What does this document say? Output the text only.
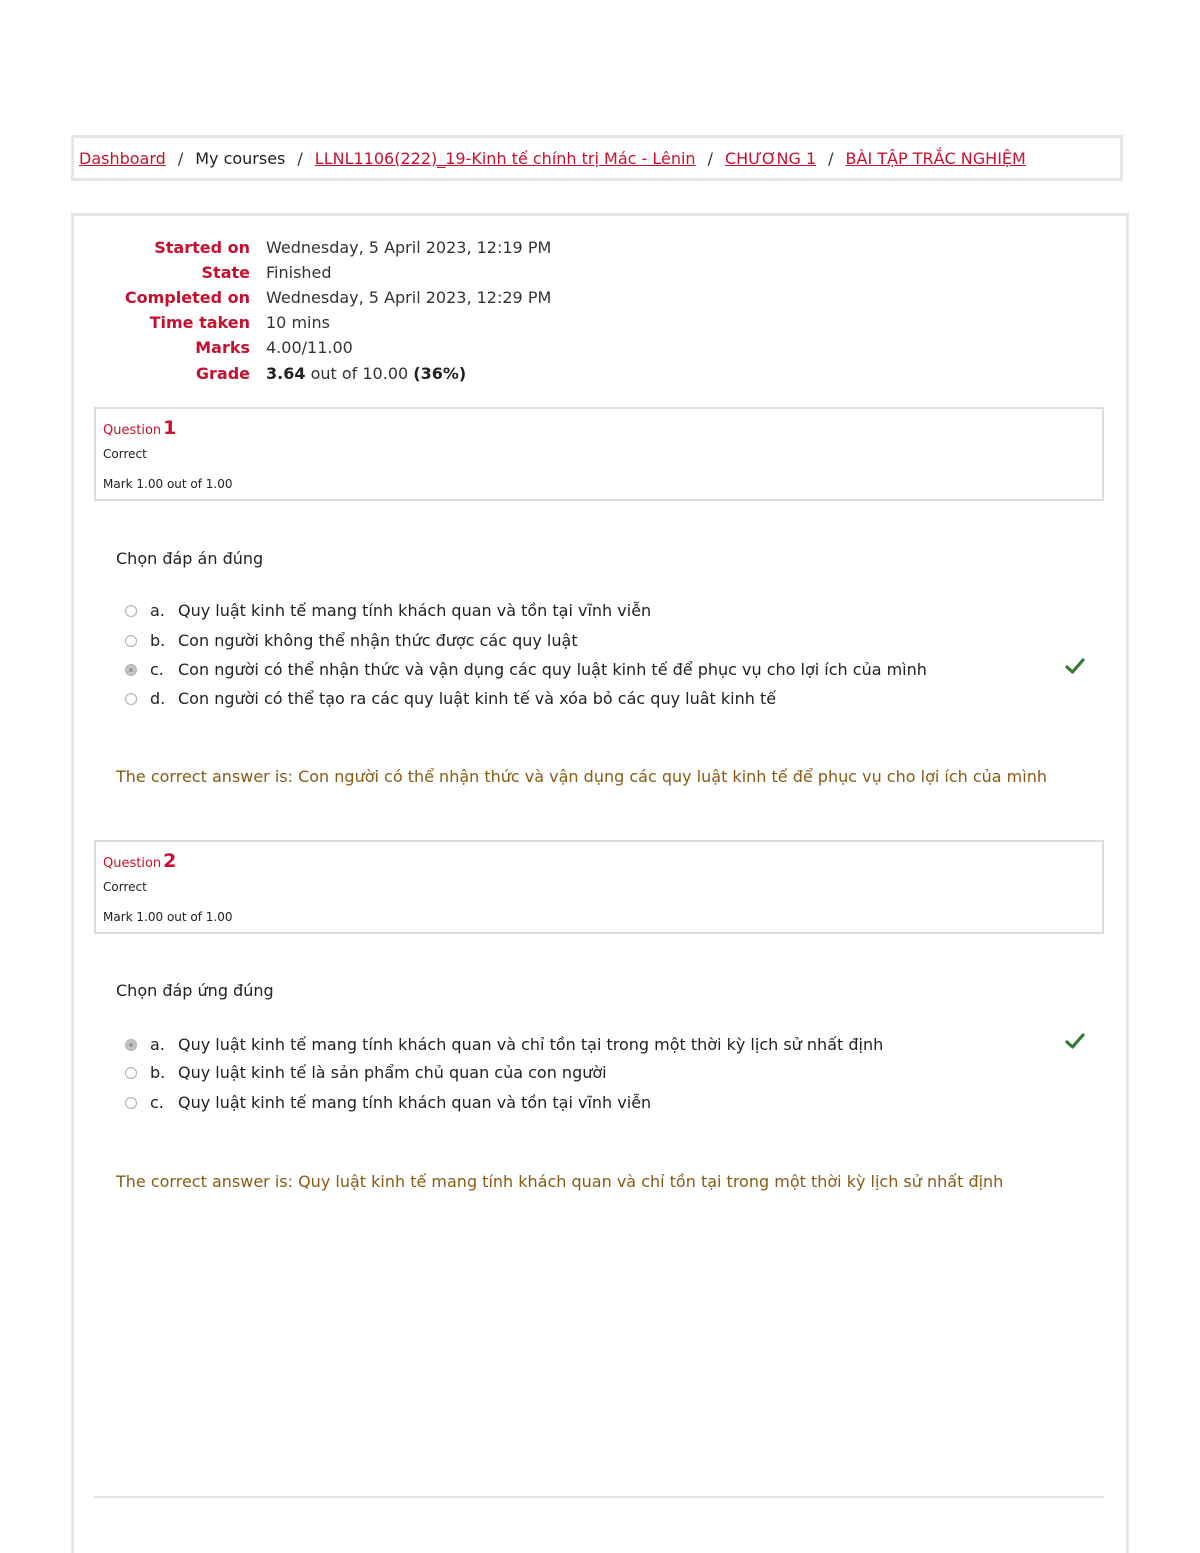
Dashboard / My courses / LLNL1106(222)_19-Kinh tế chính trị Mác - Lênin / CHƯƠNG 1 / BÀI TẬP TRẮC NGHIỆM
Started on Wednesday, 5 April 2023, 12:19 PM
State Finished
Completed on Wednesday, 5 April 2023, 12:29 PM
Time taken 10 mins
Marks 4.00/11.00
Grade 3.64 out of 10.00 (36%)
Question 1
Correct
Mark 1.00 out of 1.00
Chọn đáp án đúng
a. Quy luật kinh tế mang tính khách quan và tồn tại vĩnh viễn
b. Con người không thể nhận thức được các quy luật
c. Con người có thể nhận thức và vận dụng các quy luật kinh tế để phục vụ cho lợi ích của mình
d. Con người có thể tạo ra các quy luật kinh tế và xóa bỏ các quy luât kinh tế
The correct answer is: Con người có thể nhận thức và vận dụng các quy luật kinh tế để phục vụ cho lợi ích của mình
Question 2
Correct
Mark 1.00 out of 1.00
Chọn đáp ứng đúng
a. Quy luật kinh tế mang tính khách quan và chỉ tồn tại trong một thời kỳ lịch sử nhất định
b. Quy luật kinh tế là sản phẩm chủ quan của con người
c. Quy luật kinh tế mang tính khách quan và tồn tại vĩnh viễn
The correct answer is: Quy luật kinh tế mang tính khách quan và chỉ tồn tại trong một thời kỳ lịch sử nhất định
